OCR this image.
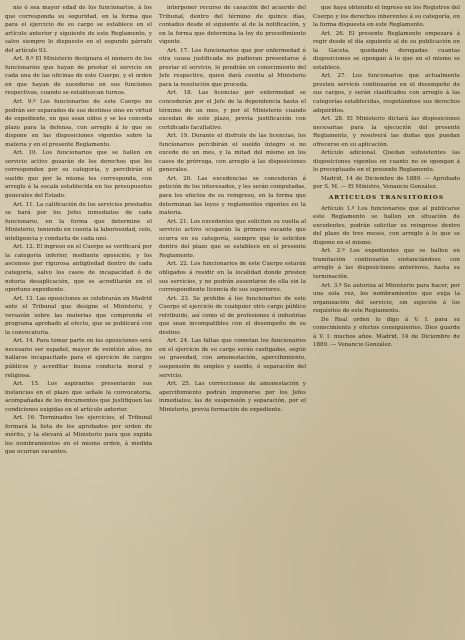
nio ó sea mayor edad de los funcionarios, á los que corresponda su seguridad, en la forma que para el ejercicio de su cargo se establece en el artículo anterior y siguiente de este Reglamento, y salvo siempre lo dispuesto en el segundo párrafo del artículo 93.

Art. 8.º El Ministerio designará el número de los funcionarios que hayan de prestar el servicio en cada una de las oficinas de este Cuerpo, y el orden en que hayan de sucederse en sus funciones respectivas, cuando se establezcan turnos.

Art. 9.º Los funcionarios de este Cuerpo no podrán ser separados de sus destinos sino en virtud de expediente, en que sean oídos y se les conceda plazo para la defensa, con arreglo á lo que se dispone en las disposiciones vigentes sobre la materia y en el presente Reglamento.

Art. 10. Los funcionarios que se hallen en servicio activo gozarán de los derechos que les corresponden por su categoría, y percibirán el sueldo que por la misma les corresponda, con arreglo á la escala establecida en los presupuestos generales del Estado.

Art. 11. La calificación de los servicios prestados se hará por los Jefes inmediatos de cada funcionario, en la forma que determine el Ministerio, teniendo en cuenta la laboriosidad, celo, inteligencia y conducta de cada uno.

Art. 12. El ingreso en el Cuerpo se verificará por la categoría inferior, mediante oposición, y los ascensos por rigurosa antigüedad dentro de cada categoría, salvo los casos de incapacidad ó de notoria desaplicación, que se acreditarán en el oportuno expediente.

Art. 13. Las oposiciones se celebrarán en Madrid ante el Tribunal que designe el Ministerio, y versarán sobre las materias que comprenda el programa aprobado al efecto, que se publicará con la convocatoria.

Art. 14. Para tomar parte en las oposiciones será necesario ser español, mayor de veintiún años, no hallarse incapacitado para el ejercicio de cargos públicos y acreditar buena conducta moral y religiosa.

Art. 15. Los aspirantes presentarán sus instancias en el plazo que señale la convocatoria, acompañadas de los documentos que justifiquen las condiciones exigidas en el artículo anterior.

Art. 16. Terminados los ejercicios, el Tribunal formará la lista de los aprobados por orden de mérito, y la elevará al Ministerio para que expida los nombramientos en el mismo orden, á medida que ocurran vacantes.

interponer recurso de casación del acuerdo del Tribunal, dentro del término de quince días, contados desde el siguiente al de la notificación, y en la forma que determina la ley de procedimiento vigente.

Art. 17. Los funcionarios que por enfermedad ú otra causa justificada no pudieran presentarse á prestar el servicio, lo pondrán en conocimiento del Jefe respectivo, quien dará cuenta al Ministerio para la resolución que proceda.

Art. 18. Las licencias por enfermedad se concederán por el Jefe de la dependencia hasta el término de un mes, y por el Ministerio cuando excedan de este plazo, previa justificación con certificado facultativo.

Art. 19. Durante el disfrute de las licencias, los funcionarios percibirán el sueldo íntegro si no excede de un mes, y la mitad del mismo en los casos de prórroga, con arreglo á las disposiciones generales.

Art. 20. Las excedencias se concederán á petición de los interesados, y les serán computadas, para los efectos de su reingreso, en la forma que determinan las leyes y reglamentos vigentes en la materia.

Art. 21. Los excedentes que soliciten su vuelta al servicio activo ocuparán la primera vacante que ocurra en su categoría, siempre que lo soliciten dentro del plazo que se establece en el presente Reglamento.

Art. 22. Los funcionarios de este Cuerpo estarán obligados á residir en la localidad donde presten sus servicios, y no podrán ausentarse de ella sin la correspondiente licencia de sus superiores.

Art. 23. Se prohibe á los funcionarios de este Cuerpo el ejercicio de cualquier otro cargo público retribuido, así como el de profesiones ó industrias que sean incompatibles con el desempeño de su destino.

Art. 24. Las faltas que cometan los funcionarios en el ejercicio de su cargo serán castigadas, según su gravedad, con amonestación, apercibimiento, suspensión de empleo y sueldo, ó separación del servicio.

Art. 25. Las correcciones de amonestación y apercibimiento podrán imponerse por los Jefes inmediatos; las de suspensión y separación, por el Ministerio, previa formación de expediente.

que haya obtenido el ingreso en los Registros del Cuerpo y los derechos inherentes á su categoría, en la forma dispuesta en este Reglamento.

Art. 26. El presente Reglamento empezará á regir desde el día siguiente al de su publicación en la Gaceta, quedando derogadas cuantas disposiciones se opongan á lo que en el mismo se establece.

Art. 27. Los funcionarios que actualmente presten servicio continuarán en el desempeño de sus cargos, y serán clasificados con arreglo á las categorías establecidas, respetándose sus derechos adquiridos.

Art. 28. El Ministerio dictará las disposiciones necesarias para la ejecución del presente Reglamento, y resolverá las dudas que puedan ofrecerse en su aplicación.

Artículo adicional. Quedan subsistentes las disposiciones vigentes en cuanto no se opongan á lo preceptuado en el presente Reglamento.

Madrid, 14 de Diciembre de 1889. — Aprobado por S. M. — El Ministro, Venancio González.

ARTÍCULOS TRANSITORIOS

Artículo 1.º Los funcionarios que al publicarse este Reglamento se hallen en situación de excedentes, podrán solicitar su reingreso dentro del plazo de tres meses, con arreglo á lo que se dispone en el mismo.

Art. 2.º Los expedientes que se hallen en tramitación continuarán sustanciándose con arreglo á las disposiciones anteriores, hasta su terminación.

Art. 3.º Se autoriza al Ministerio para hacer, por una sola vez, los nombramientos que exija la organización del servicio, sin sujeción á los requisitos de este Reglamento.

De Real orden lo digo á V. I. para su conocimiento y efectos consiguientes. Dios guarde á V. I. muchos años. Madrid, 14 de Diciembre de 1889. — Venancio González.
